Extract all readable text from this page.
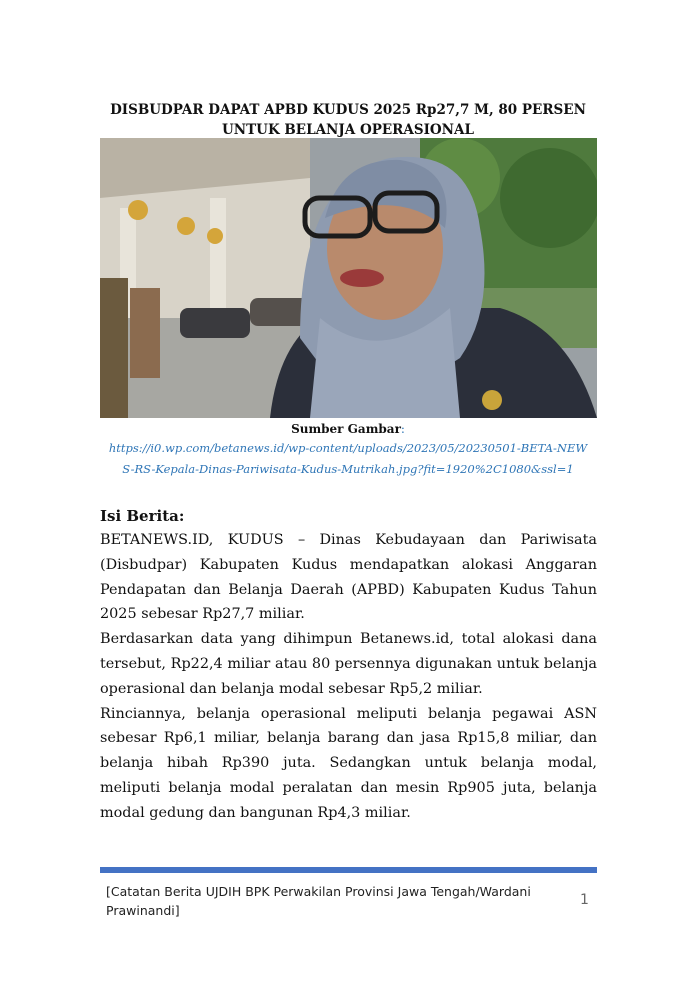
DISBUDPAR DAPAT APBD KUDUS 2025 Rp27,7 M, 80 PERSEN UNTUK BELANJA OPERASIONAL
Sumber Gambar:
https://i0.wp.com/betanews.id/wp-content/uploads/2023/05/20230501-BETA-NEWS-RS-Kepala-Dinas-Pariwisata-Kudus-Mutrikah.jpg?fit=1920%2C1080&ssl=1
Isi Berita:

BETANEWS.ID, KUDUS – Dinas Kebudayaan dan Pariwisata (Disbudpar) Kabupaten Kudus mendapatkan alokasi Anggaran Pendapatan dan Belanja Daerah (APBD) Kabupaten Kudus Tahun 2025 sebesar Rp27,7 miliar.

Berdasarkan data yang dihimpun Betanews.id, total alokasi dana tersebut, Rp22,4 miliar atau 80 persennya digunakan untuk belanja operasional dan belanja modal sebesar Rp5,2 miliar.

Rinciannya, belanja operasional meliputi belanja pegawai ASN sebesar Rp6,1 miliar, belanja barang dan jasa Rp15,8 miliar, dan belanja hibah Rp390 juta. Sedangkan untuk belanja modal, meliputi belanja modal peralatan dan mesin Rp905 juta, belanja modal gedung dan bangunan Rp4,3 miliar.

[Catatan Berita UJDIH BPK Perwakilan Provinsi Jawa Tengah/Wardani Prawinandi]
1
